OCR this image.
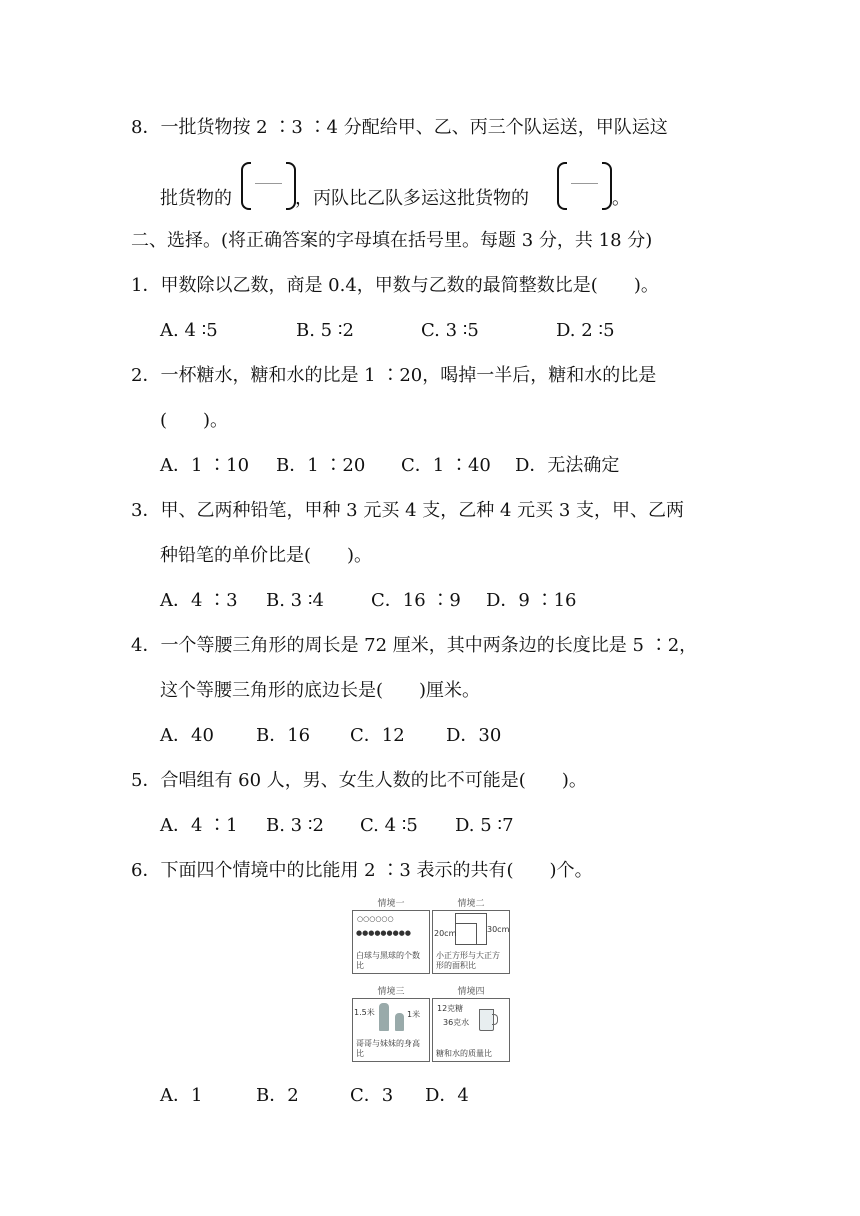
8．一批货物按 2 ∶3 ∶4 分配给甲、乙、丙三个队运送，甲队运这
批货物的	，丙队比乙队多运这批货物的	。
二、选择。(将正确答案的字母填在括号里。每题 3 分，共 18 分)
1．甲数除以乙数，商是 0.4，甲数与乙数的最简整数比是(　　)。
A. 4 ∶5	B. 5 ∶2	C. 3 ∶5	D. 2 ∶5
2．一杯糖水，糖和水的比是 1 ∶20，喝掉一半后，糖和水的比是
(　　)。
A．1 ∶10 B．1 ∶20 C．1 ∶40 D．无法确定
3．甲、乙两种铅笔，甲种 3 元买 4 支，乙种 4 元买 3 支，甲、乙两
种铅笔的单价比是(　　)。
A．4 ∶3 B. 3 ∶4	C．16 ∶9 D．9 ∶16
4．一个等腰三角形的周长是 72 厘米，其中两条边的长度比是 5 ∶2，
这个等腰三角形的底边长是(　　)厘米。
A．40 B．16 C．12 D．30
5．合唱组有 60 人，男、女生人数的比不可能是(　　)。
A．4 ∶1 B. 3 ∶2 C. 4 ∶5 D. 5 ∶7
6．下面四个情境中的比能用 2 ∶3 表示的共有(　　)个。
情境一
○○○○○○
●●●●●●●●●
白球与黑球的个数比
情境二
20cm	30cm
小正方形与大正方形的面积比
情境三
1.5米	1米
哥哥与妹妹的身高比
情境四
12克糖
36克水
糖和水的质量比
A．1	B．2	C．3 D．4
